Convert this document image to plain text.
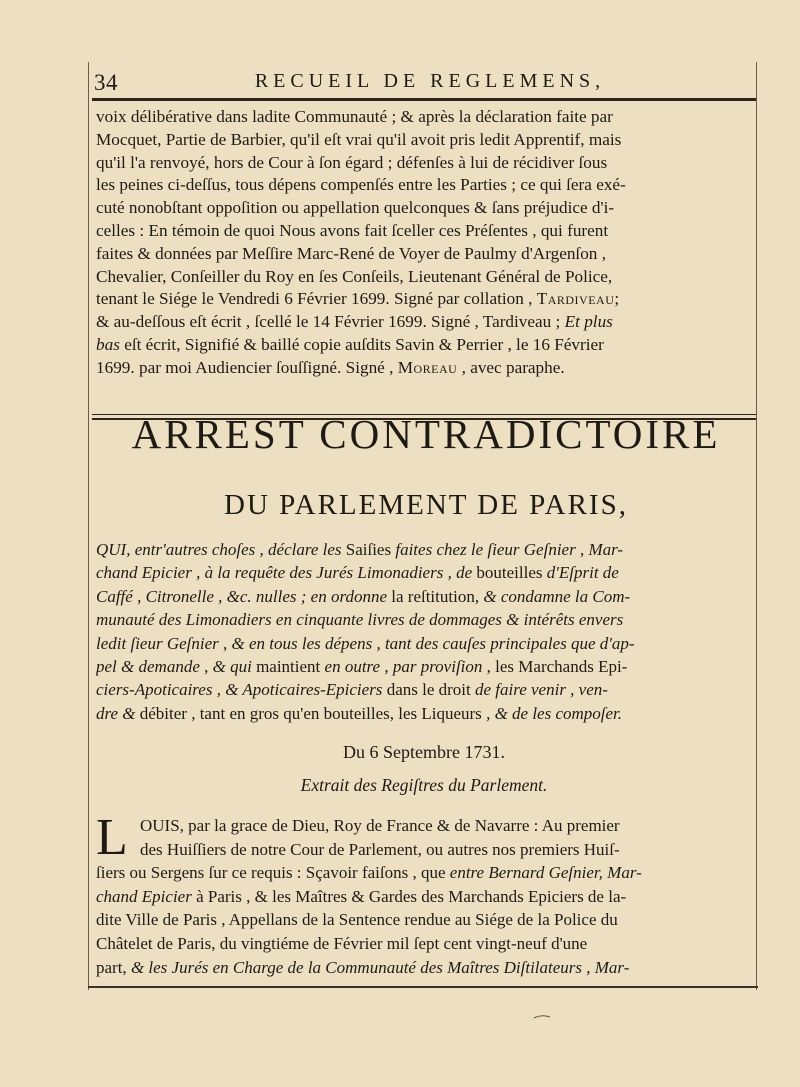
34	RECUEIL DE REGLEMENS,
voix délibérative dans ladite Communauté ; & après la déclaration faite par
Mocquet, Partie de Barbier, qu'il eſt vrai qu'il avoit pris ledit Apprentif, mais
qu'il l'a renvoyé, hors de Cour à ſon égard ; défenſes à lui de récidiver ſous
les peines ci-deſſus, tous dépens compenſés entre les Parties ; ce qui ſera exé-
cuté nonobſtant oppoſition ou appellation quelconques & ſans préjudice d'i-
celles : En témoin de quoi Nous avons fait ſceller ces Préſentes , qui furent
faites & données par Meſſire Marc-René de Voyer de Paulmy d'Argenſon ,
Chevalier, Conſeiller du Roy en ſes Conſeils, Lieutenant Général de Police,
tenant le Siége le Vendredi 6 Février 1699. Signé par collation , Tardiveau;
& au-deſſous eſt écrit , ſcellé le 14 Février 1699. Signé , Tardiveau ; Et plus
bas eſt écrit, Signifié & baillé copie auſdits Savin & Perrier , le 16 Février
1699. par moi Audiencier ſouſſigné. Signé , Moreau , avec paraphe.
ARREST CONTRADICTOIRE
DU PARLEMENT DE PARIS,
QUI, entr'autres choſes , déclare les Saiſies faites chez le ſieur Geſnier , Mar-
chand Epicier , à la requête des Jurés Limonadiers , de bouteilles d'Eſprit de
Caffé , Citronelle , &c. nulles ; en ordonne la reſtitution, & condamne la Com-
munauté des Limonadiers en cinquante livres de dommages & intérêts envers
ledit ſieur Geſnier , & en tous les dépens , tant des cauſes principales que d'ap-
pel & demande , & qui maintient en outre , par proviſion , les Marchands Epi-
ciers-Apoticaires , & Apoticaires-Epiciers dans le droit de faire venir , ven-
dre & débiter , tant en gros qu'en bouteilles, les Liqueurs , & de les compoſer.
Du 6 Septembre 1731.
Extrait des Regiſtres du Parlement.
L OUIS, par la grace de Dieu, Roy de France & de Navarre : Au premier
des Huiſſiers de notre Cour de Parlement, ou autres nos premiers Huiſ-
ſiers ou Sergens ſur ce requis : Sçavoir faiſons , que entre Bernard Geſnier, Mar-
chand Epicier à Paris , & les Maîtres & Gardes des Marchands Epiciers de la-
dite Ville de Paris , Appellans de la Sentence rendue au Siége de la Police du
Châtelet de Paris, du vingtiéme de Février mil ſept cent vingt-neuf d'une
part, & les Jurés en Charge de la Communauté des Maîtres Diſtilateurs , Mar-
